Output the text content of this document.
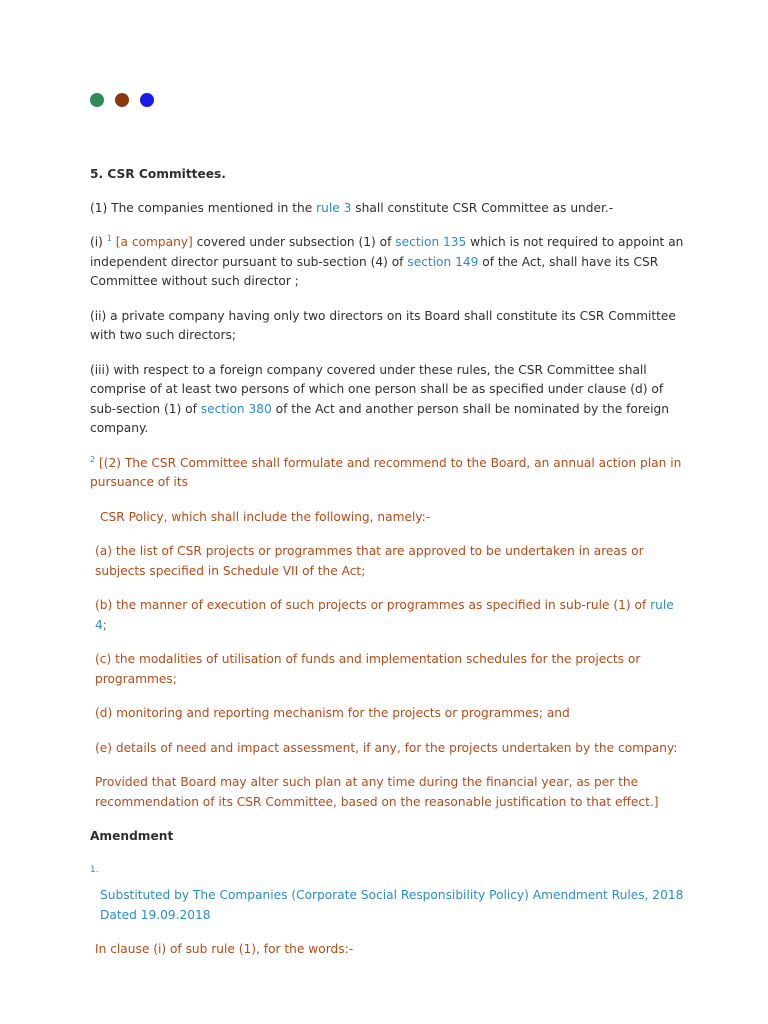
5. CSR Committees.

(1) The companies mentioned in the rule 3 shall constitute CSR Committee as under.-

(i) $^1$ [a company] covered under subsection (1) of section 135 which is not required to appoint an independent director pursuant to sub-section (4) of section 149 of the Act, shall have its CSR Committee without such director ;

(ii) a private company having only two directors on its Board shall constitute its CSR Committee with two such directors;

(iii) with respect to a foreign company covered under these rules, the CSR Committee shall comprise of at least two persons of which one person shall be as specified under clause (d) of sub-section (1) of section 380 of the Act and another person shall be nominated by the foreign company.

$^2$ [(2) The CSR Committee shall formulate and recommend to the Board, an annual action plan in pursuance of its

CSR Policy, which shall include the following, namely:-

(a) the list of CSR projects or programmes that are approved to be undertaken in areas or subjects specified in Schedule VII of the Act;

(b) the manner of execution of such projects or programmes as specified in sub-rule (1) of rule 4;

(c) the modalities of utilisation of funds and implementation schedules for the projects or programmes;

(d) monitoring and reporting mechanism for the projects or programmes; and

(e) details of need and impact assessment, if any, for the projects undertaken by the company:

Provided that Board may alter such plan at any time during the financial year, as per the recommendation of its CSR Committee, based on the reasonable justification to that effect.]

Amendment

1.

Substituted by The Companies (Corporate Social Responsibility Policy) Amendment Rules, 2018 Dated 19.09.2018

In clause (i) of sub rule (1), for the words:-
